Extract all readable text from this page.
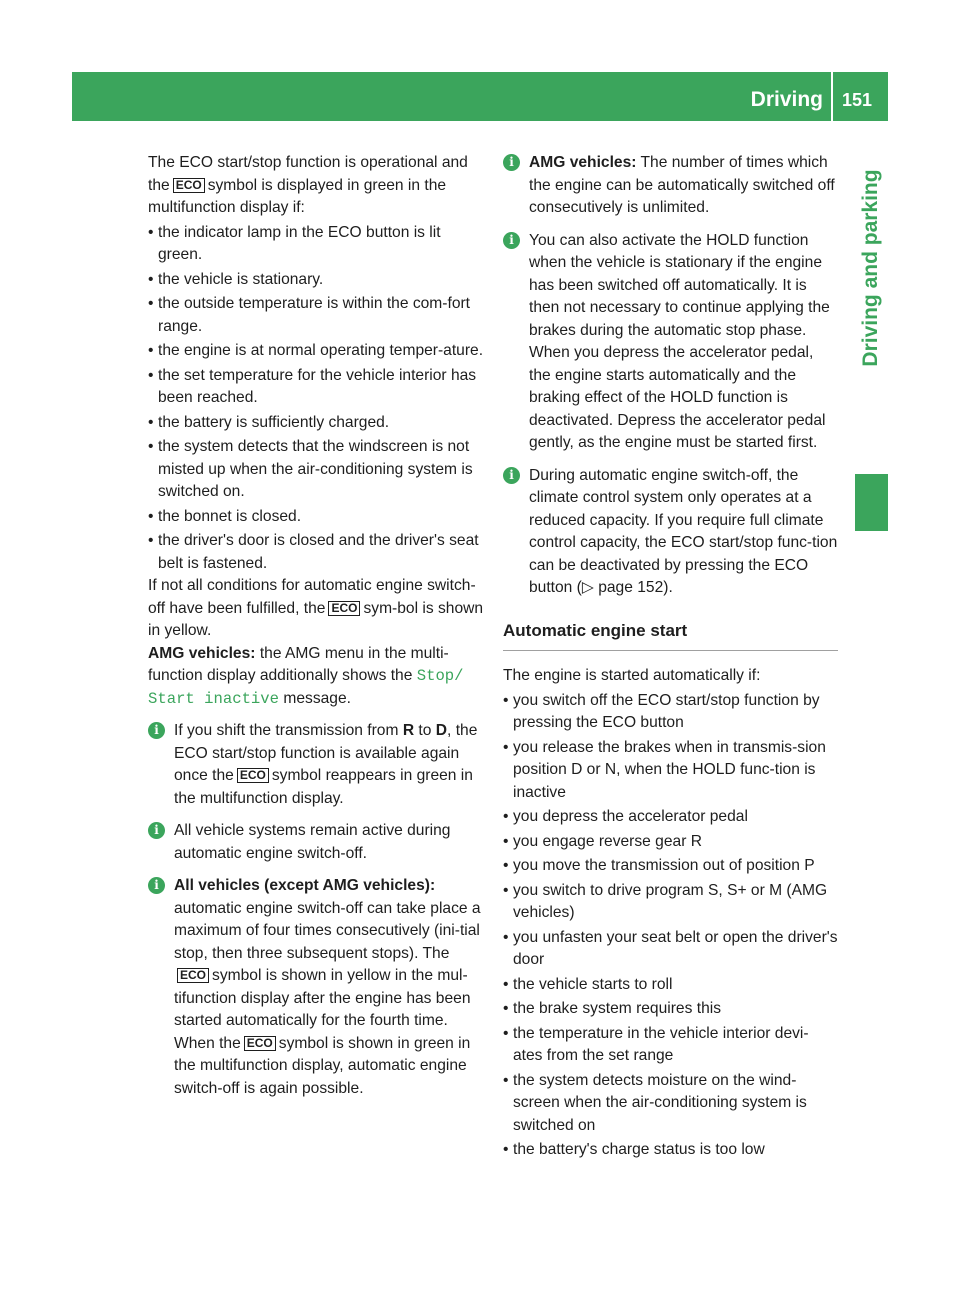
Driving 151
Driving and parking

The ECO start/stop function is operational and the ECO symbol is displayed in green in the multifunction display if:

• the indicator lamp in the ECO button is lit green.
• the vehicle is stationary.
• the outside temperature is within the com-fort range.
• the engine is at normal operating temper-ature.
• the set temperature for the vehicle interior has been reached.
• the battery is sufficiently charged.
• the system detects that the windscreen is not misted up when the air-conditioning system is switched on.
• the bonnet is closed.
• the driver's door is closed and the driver's seat belt is fastened.

If not all conditions for automatic engine switch-off have been fulfilled, the ECO sym-bol is shown in yellow.

AMG vehicles: the AMG menu in the multi-function display additionally shows the Stop/ Start inactive message.

i If you shift the transmission from R to D, the ECO start/stop function is available again once the ECO symbol reappears in green in the multifunction display.
i All vehicle systems remain active during automatic engine switch-off.
i All vehicles (except AMG vehicles): automatic engine switch-off can take place a maximum of four times consecutively (ini-tial stop, then three subsequent stops). TheECO symbol is shown in yellow in the mul-tifunction display after the engine has been started automatically for the fourth time. When the ECO symbol is shown in green in the multifunction display, automatic engine switch-off is again possible.
i AMG vehicles: The number of times which the engine can be automatically switched off consecutively is unlimited.
i You can also activate the HOLD function when the vehicle is stationary if the engine has been switched off automatically. It is then not necessary to continue applying the brakes during the automatic stop phase. When you depress the accelerator pedal, the engine starts automatically and the braking effect of the HOLD function is deactivated. Depress the accelerator pedal gently, as the engine must be started first.
i During automatic engine switch-off, the climate control system only operates at a reduced capacity. If you require full climate control capacity, the ECO start/stop func-tion can be deactivated by pressing the ECO button (▷ page 152).
Automatic engine start

The engine is started automatically if:

• you switch off the ECO start/stop function by pressing the ECO button
• you release the brakes when in transmis-sion position D or N, when the HOLD func-tion is inactive
• you depress the accelerator pedal
• you engage reverse gear R
• you move the transmission out of position P
• you switch to drive program S, S+ or M (AMG vehicles)
• you unfasten your seat belt or open the driver's door
• the vehicle starts to roll
• the brake system requires this
• the temperature in the vehicle interior devi-ates from the set range
• the system detects moisture on the wind-screen when the air-conditioning system is switched on
• the battery's charge status is too low
